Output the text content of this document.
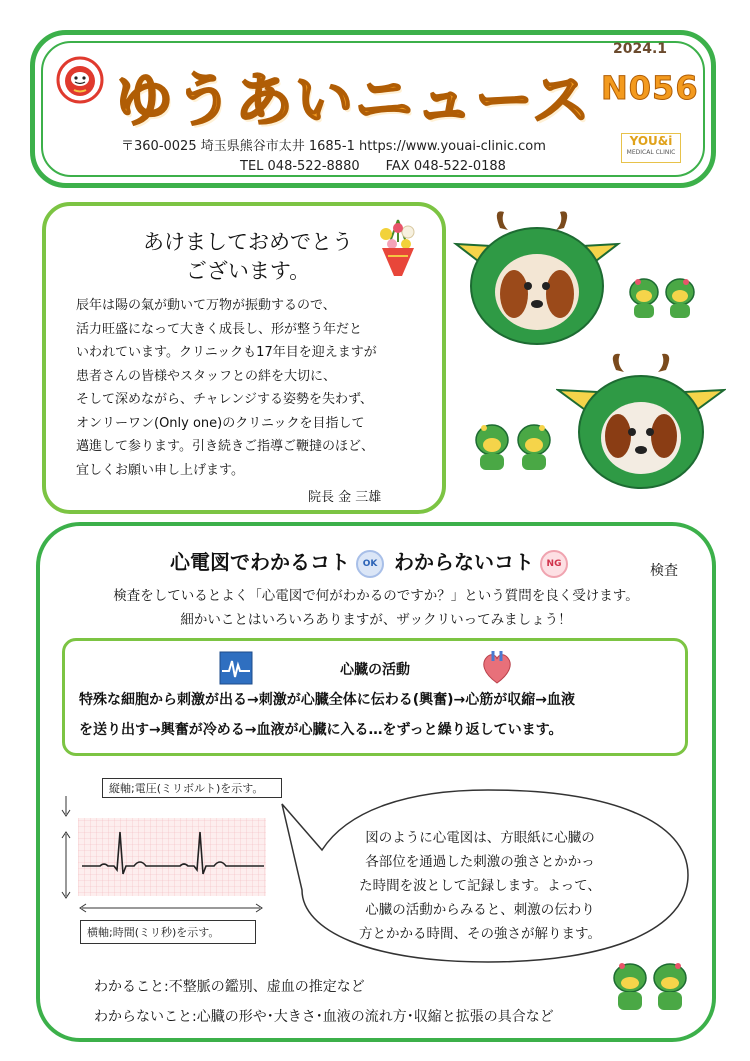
ゆうあいニュース
2024.1
N056
〒360-0025 埼玉県熊谷市太井 1685-1 https://www.youai-clinic.com
TEL 048-522-8880 FAX 048-522-0188
YOU&i
MEDICAL CLINIC
あけましておめでとう
ございます。
辰年は陽の氣が動いて万物が振動するので、
活力旺盛になって大きく成長し、形が整う年だと
いわれています。クリニックも17年目を迎えますが
患者さんの皆様やスタッフとの絆を大切に、
そして深めながら、チャレンジする姿勢を失わず、
オンリーワン(Only one)のクリニックを目指して
邁進して参ります。引き続きご指導ご鞭撻のほど、
宜しくお願い申し上げます。
院長 金 三雄
心電図でわかるコト OK わからないコト NG	検査
検査をしているとよく「心電図で何がわかるのですか？」という質問を良く受けます。
細かいことはいろいろありますが、ザックリいってみましょう！
心臓の活動
特殊な細胞から刺激が出る→刺激が心臓全体に伝わる(興奮)→心筋が収縮→血液
を送り出す→興奮が冷める→血液が心臓に入る…をずっと繰り返しています。
縦軸;電圧(ミリボルト)を示す。
横軸;時間(ミリ秒)を示す。
図のように心電図は、方眼紙に心臓の
各部位を通過した刺激の強さとかかっ
た時間を波として記録します。よって、
心臓の活動からみると、刺激の伝わり
方とかかる時間、その強さが解ります。
わかること:不整脈の鑑別、虚血の推定など
わからないこと:心臓の形や･大きさ･血液の流れ方･収縮と拡張の具合など
